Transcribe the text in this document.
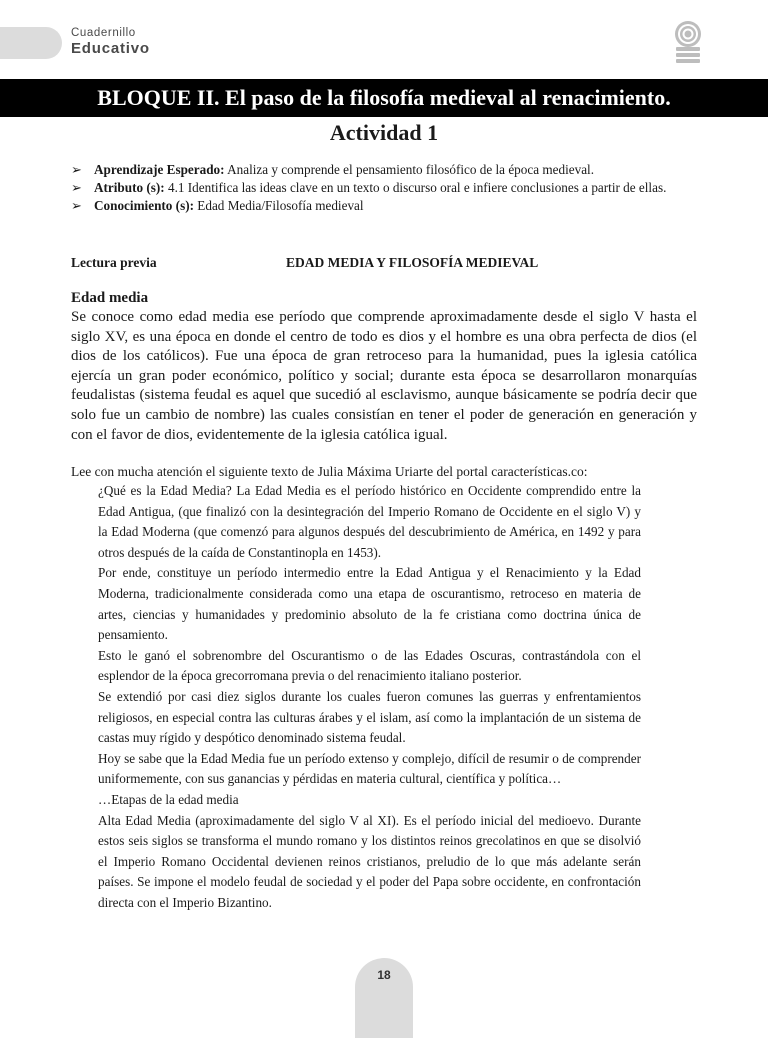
Cuadernillo
Educativo
BLOQUE II. El paso de la filosofía medieval al renacimiento.
Actividad 1
➢ Aprendizaje Esperado: Analiza y comprende el pensamiento filosófico de la época medieval.
➢ Atributo (s): 4.1 Identifica las ideas clave en un texto o discurso oral e infiere conclusiones a partir de ellas.
➢ Conocimiento (s): Edad Media/Filosofía medieval
Lectura previa	EDAD MEDIA Y FILOSOFÍA MEDIEVAL
Edad media
Se conoce como edad media ese período que comprende aproximadamente desde el siglo V hasta el siglo XV, es una época en donde el centro de todo es dios y el hombre es una obra perfecta de dios (el dios de los católicos). Fue una época de gran retroceso para la humanidad, pues la iglesia católica ejercía un gran poder económico, político y social; durante esta época se desarrollaron monarquías feudalistas (sistema feudal es aquel que sucedió al esclavismo, aunque básicamente se podría decir que solo fue un cambio de nombre) las cuales consistían en tener el poder de generación en generación y con el favor de dios, evidentemente de la iglesia católica igual.
Lee con mucha atención el siguiente texto de Julia Máxima Uriarte del portal características.co:

¿Qué es la Edad Media? La Edad Media es el período histórico en Occidente comprendido entre la Edad Antigua, (que finalizó con la desintegración del Imperio Romano de Occidente en el siglo V) y la Edad Moderna (que comenzó para algunos después del descubrimiento de América, en 1492 y para otros después de la caída de Constantinopla en 1453).

Por ende, constituye un período intermedio entre la Edad Antigua y el Renacimiento y la Edad Moderna, tradicionalmente considerada como una etapa de oscurantismo, retroceso en materia de artes, ciencias y humanidades y predominio absoluto de la fe cristiana como doctrina única de pensamiento.

Esto le ganó el sobrenombre del Oscurantismo o de las Edades Oscuras, contrastándola con el esplendor de la época grecorromana previa o del renacimiento italiano posterior.

Se extendió por casi diez siglos durante los cuales fueron comunes las guerras y enfrentamientos religiosos, en especial contra las culturas árabes y el islam, así como la implantación de un sistema de castas muy rígido y despótico denominado sistema feudal.

Hoy se sabe que la Edad Media fue un período extenso y complejo, difícil de resumir o de comprender uniformemente, con sus ganancias y pérdidas en materia cultural, científica y política…

…Etapas de la edad media

Alta Edad Media (aproximadamente del siglo V al XI). Es el período inicial del medioevo. Durante estos seis siglos se transforma el mundo romano y los distintos reinos grecolatinos en que se disolvió el Imperio Romano Occidental devienen reinos cristianos, preludio de lo que más adelante serán países. Se impone el modelo feudal de sociedad y el poder del Papa sobre occidente, en confrontación directa con el Imperio Bizantino.

18
